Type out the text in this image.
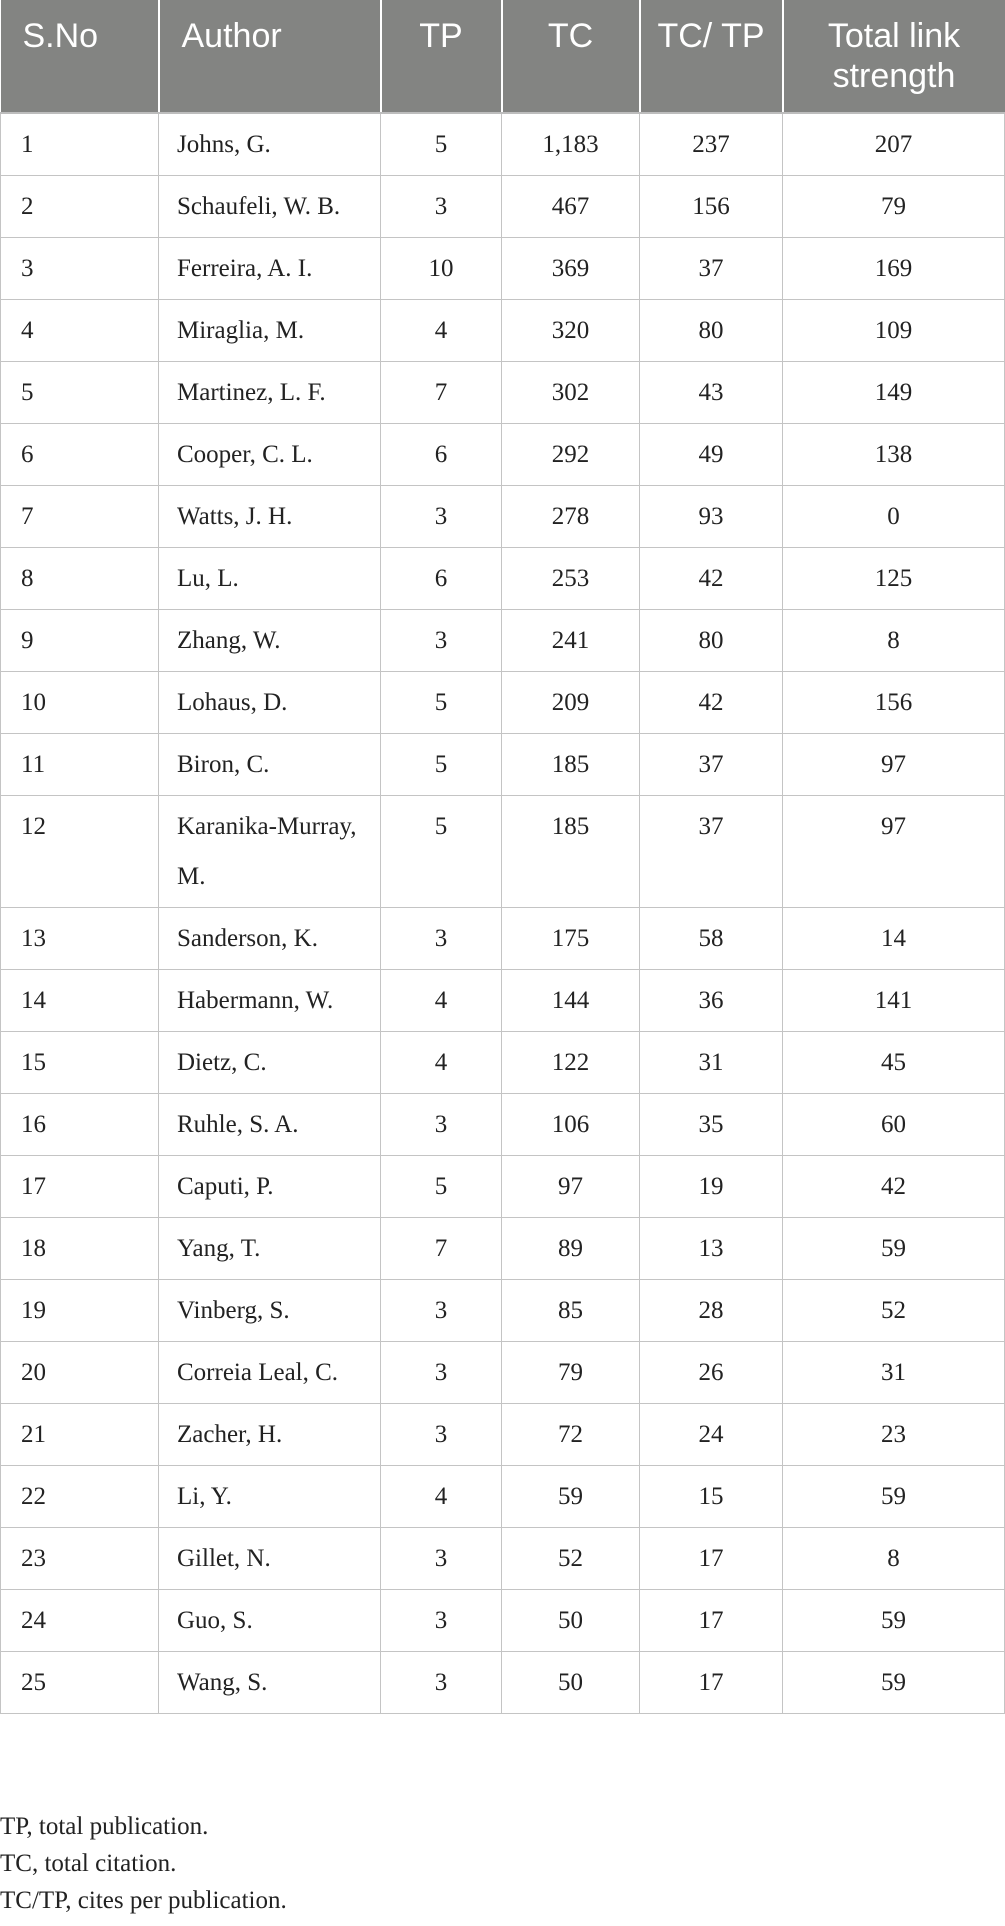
S.No	Author	TP	TC	TC/ TP	Total link strength
1	Johns, G.	5	1,183	237	207
2	Schaufeli, W. B.	3	467	156	79
3	Ferreira, A. I.	10	369	37	169
4	Miraglia, M.	4	320	80	109
5	Martinez, L. F.	7	302	43	149
6	Cooper, C. L.	6	292	49	138
7	Watts, J. H.	3	278	93	0
8	Lu, L.	6	253	42	125
9	Zhang, W.	3	241	80	8
10	Lohaus, D.	5	209	42	156
11	Biron, C.	5	185	37	97
12	Karanika-Murray, M.	5	185	37	97
13	Sanderson, K.	3	175	58	14
14	Habermann, W.	4	144	36	141
15	Dietz, C.	4	122	31	45
16	Ruhle, S. A.	3	106	35	60
17	Caputi, P.	5	97	19	42
18	Yang, T.	7	89	13	59
19	Vinberg, S.	3	85	28	52
20	Correia Leal, C.	3	79	26	31
21	Zacher, H.	3	72	24	23
22	Li, Y.	4	59	15	59
23	Gillet, N.	3	52	17	8
24	Guo, S.	3	50	17	59
25	Wang, S.	3	50	17	59
TP, total publication.
TC, total citation.
TC/TP, cites per publication.
